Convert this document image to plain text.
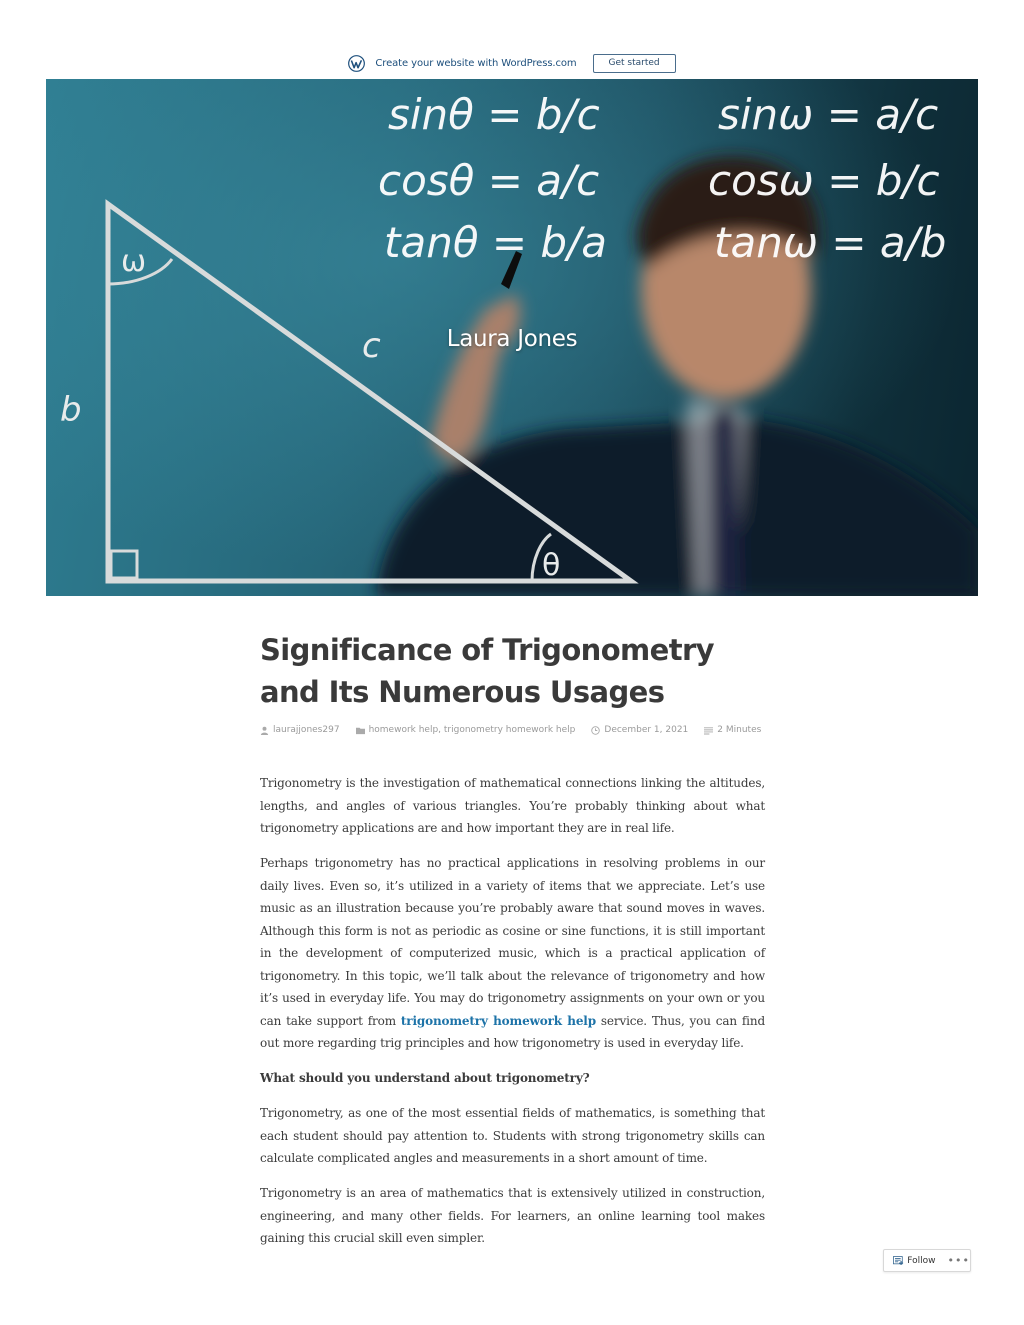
Create your website with WordPress.com	Get started
sinθ = b/c
cosθ = a/c
tanθ = b/a
sinω = a/c
cosω = b/c
tanω = a/b
ω
θ
c
b
Laura Jones
Significance of Trigonometry and Its Numerous Usages
laurajjones297	homework help, trigonometry homework help	December 1, 2021	2 Minutes

Trigonometry is the investigation of mathematical connections linking the altitudes, lengths, and angles of various triangles. You’re probably thinking about what trigonometry applications are and how important they are in real life.

Perhaps trigonometry has no practical applications in resolving problems in our daily lives. Even so, it’s utilized in a variety of items that we appreciate. Let’s use music as an illustration because you’re probably aware that sound moves in waves. Although this form is not as periodic as cosine or sine functions, it is still important in the development of computerized music, which is a practical application of trigonometry. In this topic, we’ll talk about the relevance of trigonometry and how it’s used in everyday life. You may do trigonometry assignments on your own or you can take support from trigonometry homework help service. Thus, you can find out more regarding trig principles and how trigonometry is used in everyday life.

What should you understand about trigonometry?

Trigonometry, as one of the most essential fields of mathematics, is something that each student should pay attention to. Students with strong trigonometry skills can calculate complicated angles and measurements in a short amount of time.

Trigonometry is an area of mathematics that is extensively utilized in construction, engineering, and many other fields. For learners, an online learning tool makes gaining this crucial skill even simpler.

Follow •••
